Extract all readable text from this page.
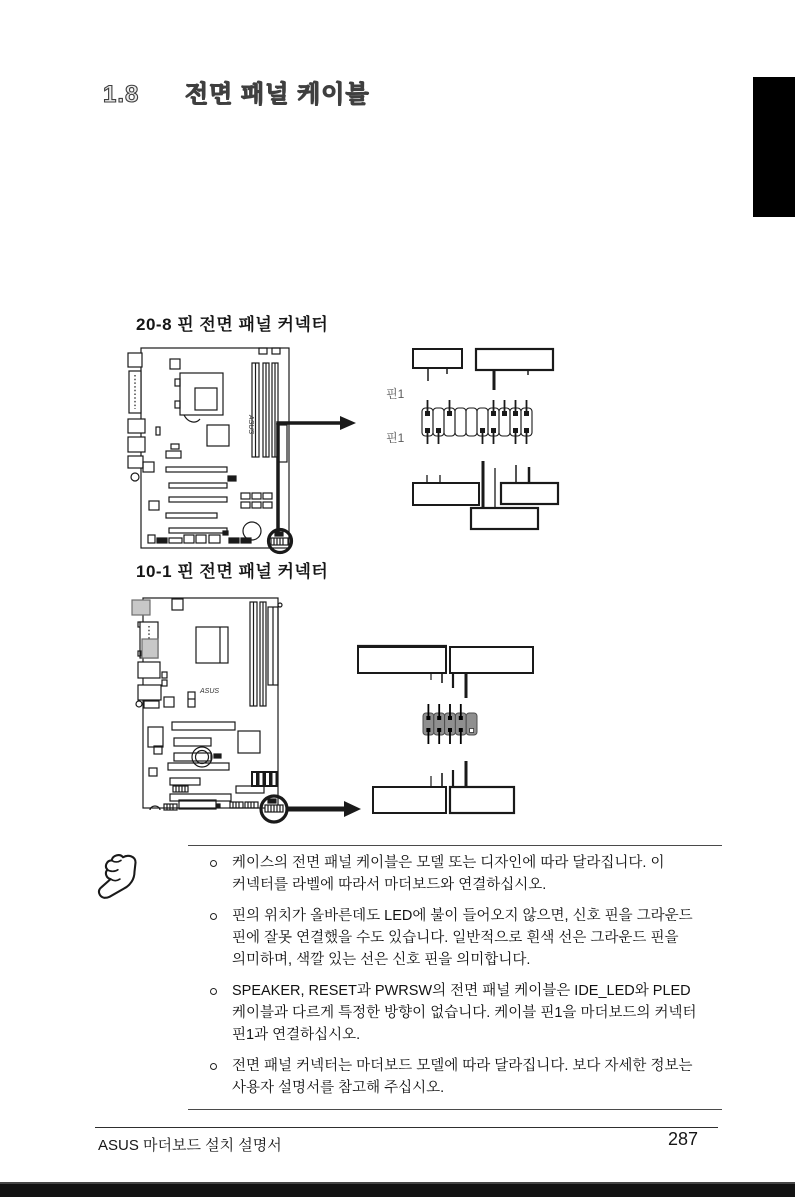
1.8 전면 패널 케이블
20-8 핀 전면 패널 커넥터
핀1
핀1
ASUS
10-1 핀 전면 패널 커넥터
ASUS

케이스의 전면 패널 케이블은 모델 또는 디자인에 따라 달라집니다. 이 커넥터를 라벨에 따라서 마더보드와 연결하십시오.

핀의 위치가 올바른데도 LED에 불이 들어오지 않으면, 신호 핀을 그라운드 핀에 잘못 연결했을 수도 있습니다. 일반적으로 흰색 선은 그라운드 핀을 의미하며, 색깔 있는 선은 신호 핀을 의미합니다.

SPEAKER, RESET과 PWRSW의 전면 패널 케이블은 IDE_LED와 PLED 케이블과 다르게 특정한 방향이 없습니다. 케이블 핀1을 마더보드의 커넥터 핀1과 연결하십시오.

전면 패널 커넥터는 마더보드 모델에 따라 달라집니다. 보다 자세한 정보는 사용자 설명서를 참고해 주십시오.

ASUS 마더보드 설치 설명서	287
